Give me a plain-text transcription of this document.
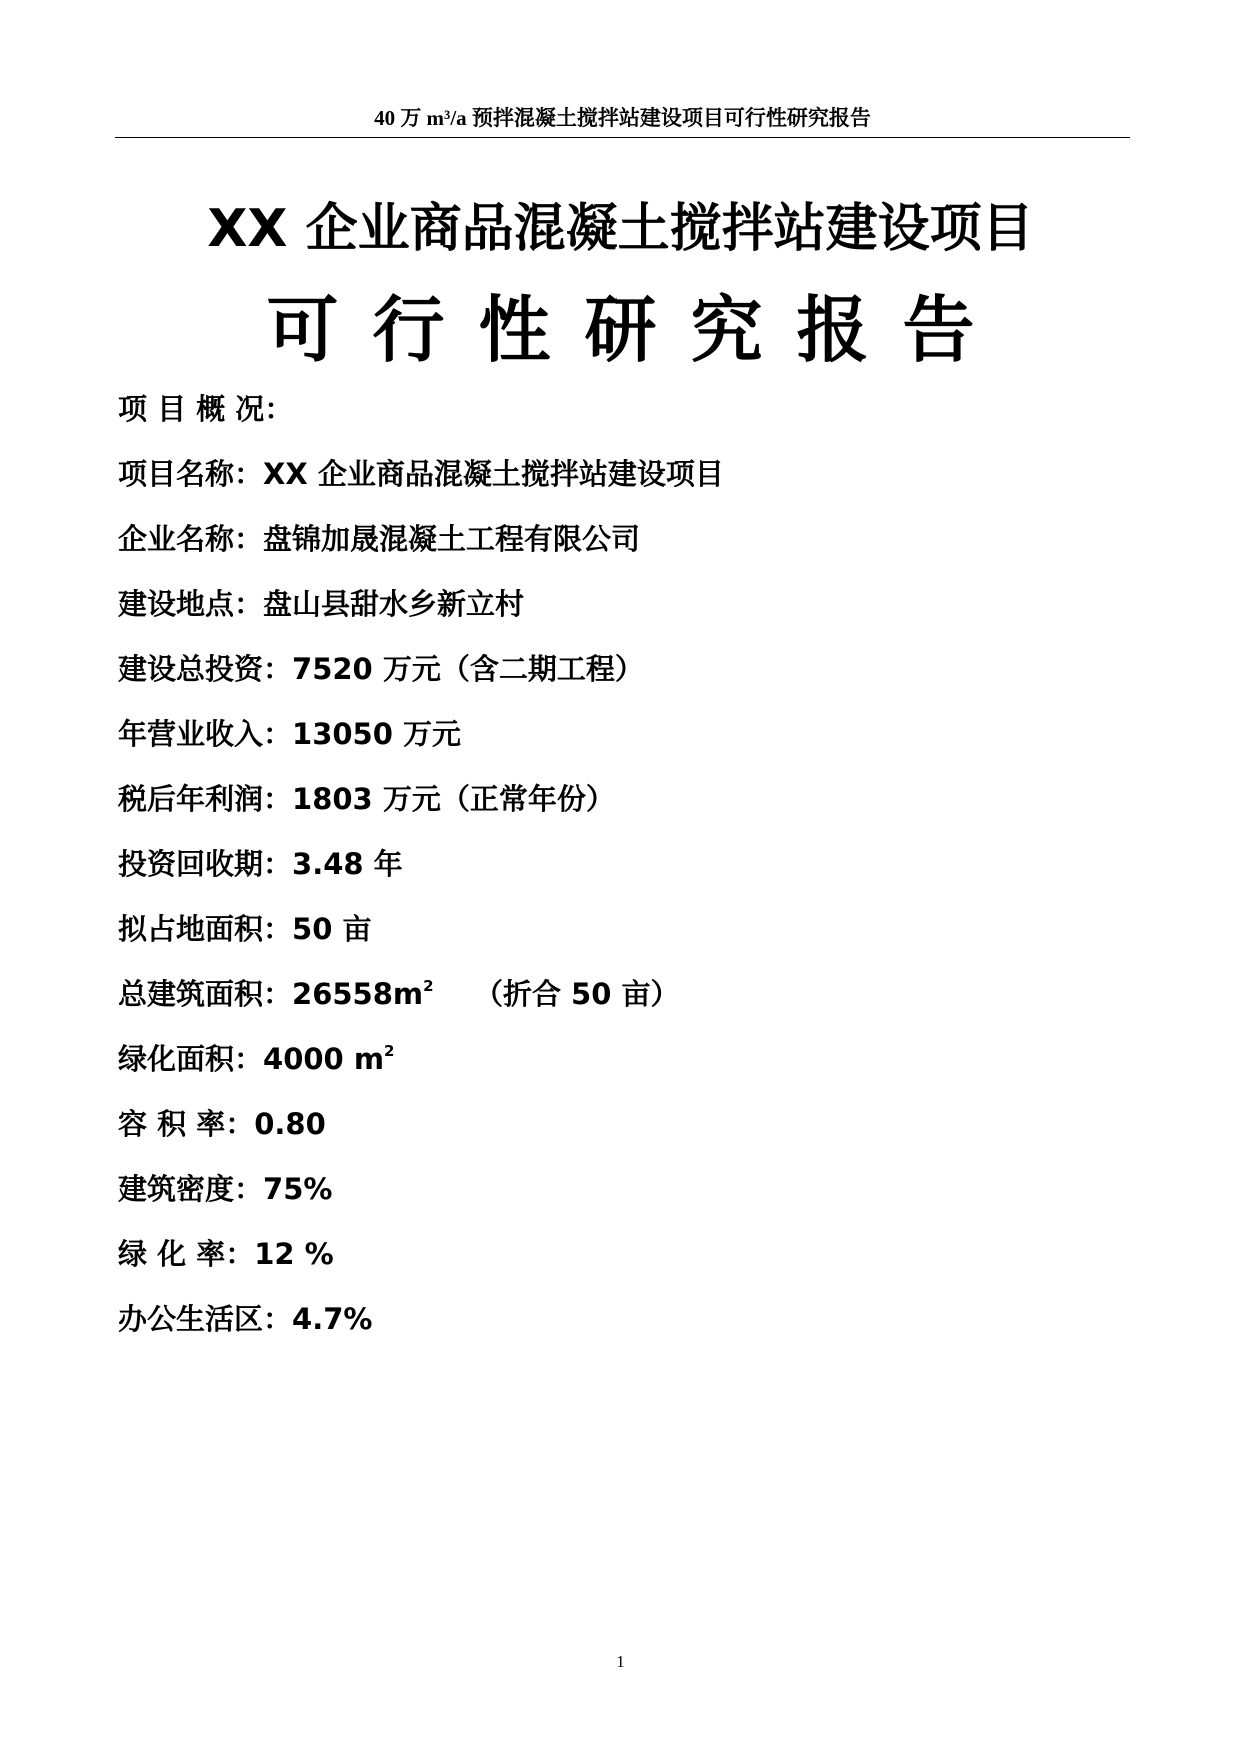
40 万 m³/a 预拌混凝土搅拌站建设项目可行性研究报告
XX 企业商品混凝土搅拌站建设项目
可行性研究报告
项 目 概 况：
项目名称：XX 企业商品混凝土搅拌站建设项目
企业名称：盘锦加晟混凝土工程有限公司
建设地点：盘山县甜水乡新立村
建设总投资：7520 万元（含二期工程）
年营业收入：13050 万元
税后年利润：1803 万元（正常年份）
投资回收期：3.48 年
拟占地面积：50 亩
总建筑面积：$26558m^2$    （折合 50 亩）
绿化面积：4000 $m^2$
容 积 率：0.80
建筑密度：75%
绿 化 率：12 %
办公生活区：4.7%
1
